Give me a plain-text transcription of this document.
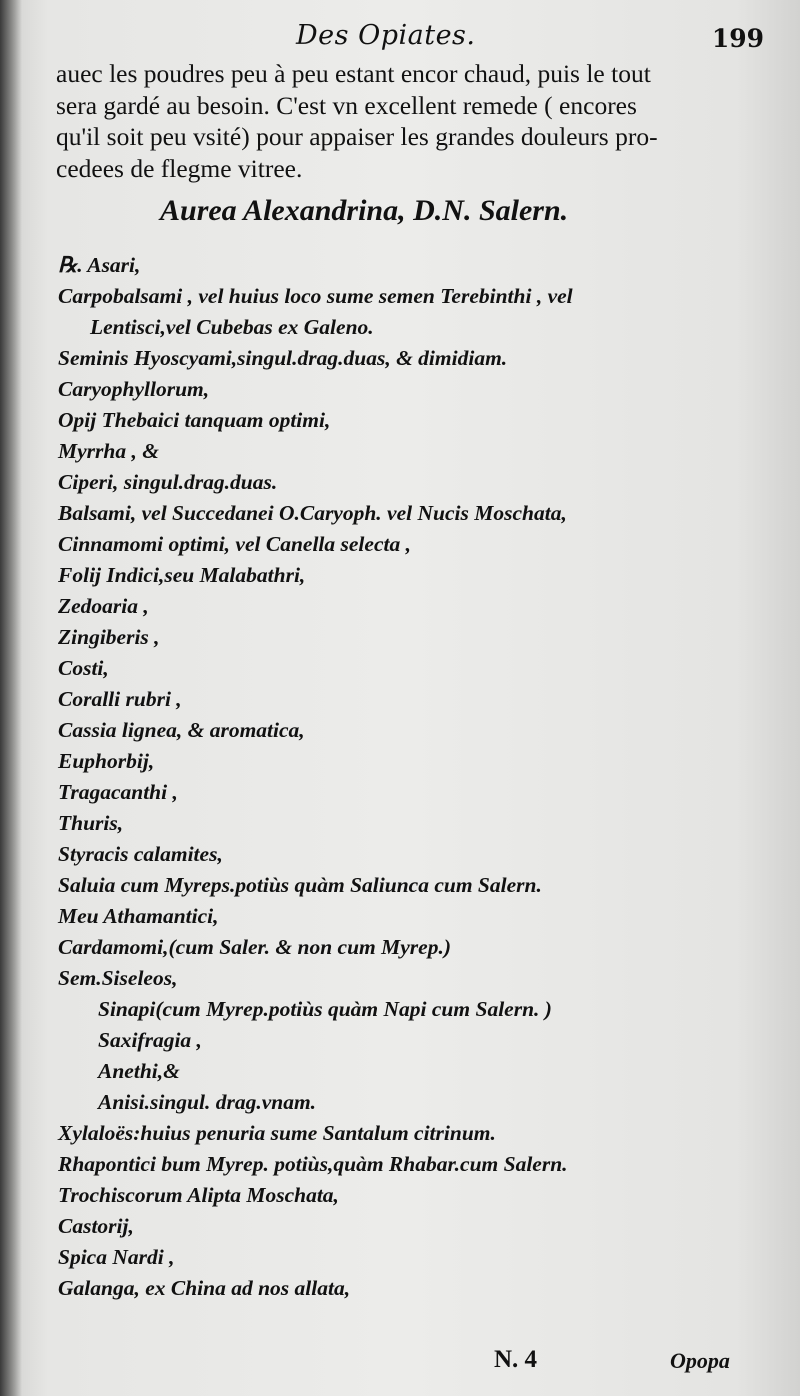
Des Opiates.	199
auec les poudres peu à peu estant encor chaud, puis le tout
sera gardé au besoin. C'est vn excellent remede ( encores
qu'il soit peu vsité) pour appaiser les grandes douleurs pro-
cedees de flegme vitree.
Aurea Alexandrina, D.N. Salern.
℞. Asari,
Carpobalsami , vel huius loco sume semen Terebinthi , vel
Lentisci,vel Cubebas ex Galeno.
Seminis Hyoscyami,singul.drag.duas, & dimidiam.
Caryophyllorum,
Opij Thebaici tanquam optimi,
Myrrha , &
Ciperi, singul.drag.duas.
Balsami, vel Succedanei O.Caryoph. vel Nucis Moschata,
Cinnamomi optimi, vel Canella selecta ,
Folij Indici,seu Malabathri,
Zedoaria ,
Zingiberis ,
Costi,
Coralli rubri ,
Cassia lignea, & aromatica,
Euphorbij,
Tragacanthi ,
Thuris,
Styracis calamites,
Saluia cum Myreps.potiùs quàm Saliunca cum Salern.
Meu Athamantici,
Cardamomi,(cum Saler. & non cum Myrep.)
Sem.Siseleos,
Sinapi(cum Myrep.potiùs quàm Napi cum Salern. )
Saxifragia ,
Anethi,&
Anisi.singul. drag.vnam.
Xylaloës:huius penuria sume Santalum citrinum.
Rhapontici bum Myrep. potiùs,quàm Rhabar.cum Salern.
Trochiscorum Alipta Moschata,
Castorij,
Spica Nardi ,
Galanga, ex China ad nos allata,
N. 4	Opopa
